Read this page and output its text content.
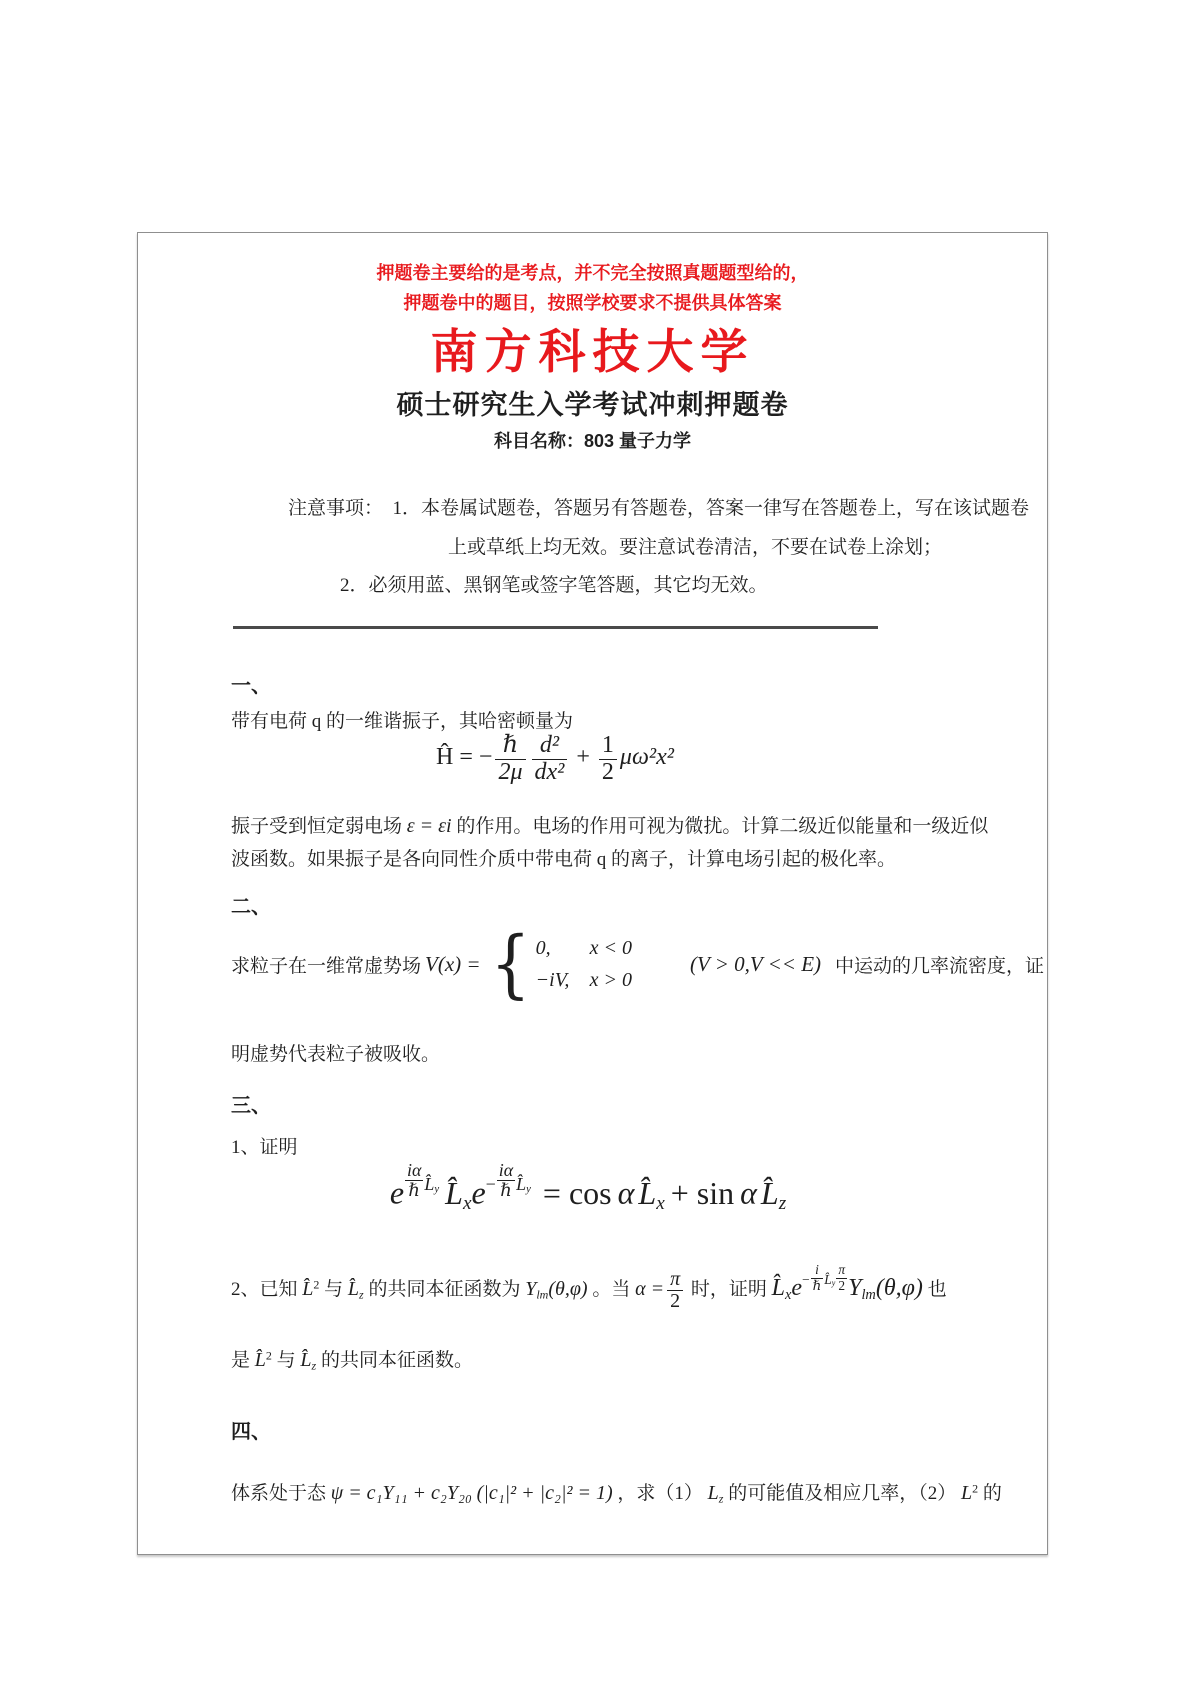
押题卷主要给的是考点，并不完全按照真题题型给的，
押题卷中的题目，按照学校要求不提供具体答案
南方科技大学
硕士研究生入学考试冲刺押题卷
科目名称：803 量子力学
注意事项：　1．本卷属试题卷，答题另有答题卷，答案一律写在答题卷上，写在该试题卷
上或草纸上均无效。要注意试卷清洁，不要在试卷上涂划；
2．必须用蓝、黑钢笔或签字笔答题，其它均无效。
一、
带有电荷 q 的一维谐振子，其哈密顿量为
Ĥ = − ℏ
$2\mu \frac{\text{d²}}{\text{dx²}} + \frac{1}{2} \mu\omega^2x^2$
振子受到恒定弱电场 ε = εi 的作用。电场的作用可视为微扰。计算二级近似能量和一级近似
波函数。如果振子是各向同性介质中带电荷 q 的离子，计算电场引起的极化率。
二、
求粒子在一维常虚势场 V(x) = { 0,	x < 0
−iV,	x > 0
(V > 0,V << E) 中运动的几率流密度，证
明虚势代表粒子被吸收。
三、
1、证明
e
$^{i\alpha \hbar L̂y}$ $L̂xe^{- i\alpha \hbar L̂y} = \cos \alpha$ L̂x + sin α L̂z
2、已知 L̂$^2$ 与 L̂z 的共同本征函数为 Ylm(θ,φ) 。当 $\alpha = \frac{\pi}{2}$ 时，证明 $L̂xe^{- i \hbar L̂y \frac{\pi}{2}}$ Ylm(θ,φ) 也
是 L̂$^2$ 与 L̂z 的共同本征函数。
四、
体系处于态 ψ = c₁Y₁₁ + c₂Y₂₀ (|c₁|² + |c₂|² = 1) ，求（1） Lz 的可能值及相应几率，（2） $L^2$ 的
